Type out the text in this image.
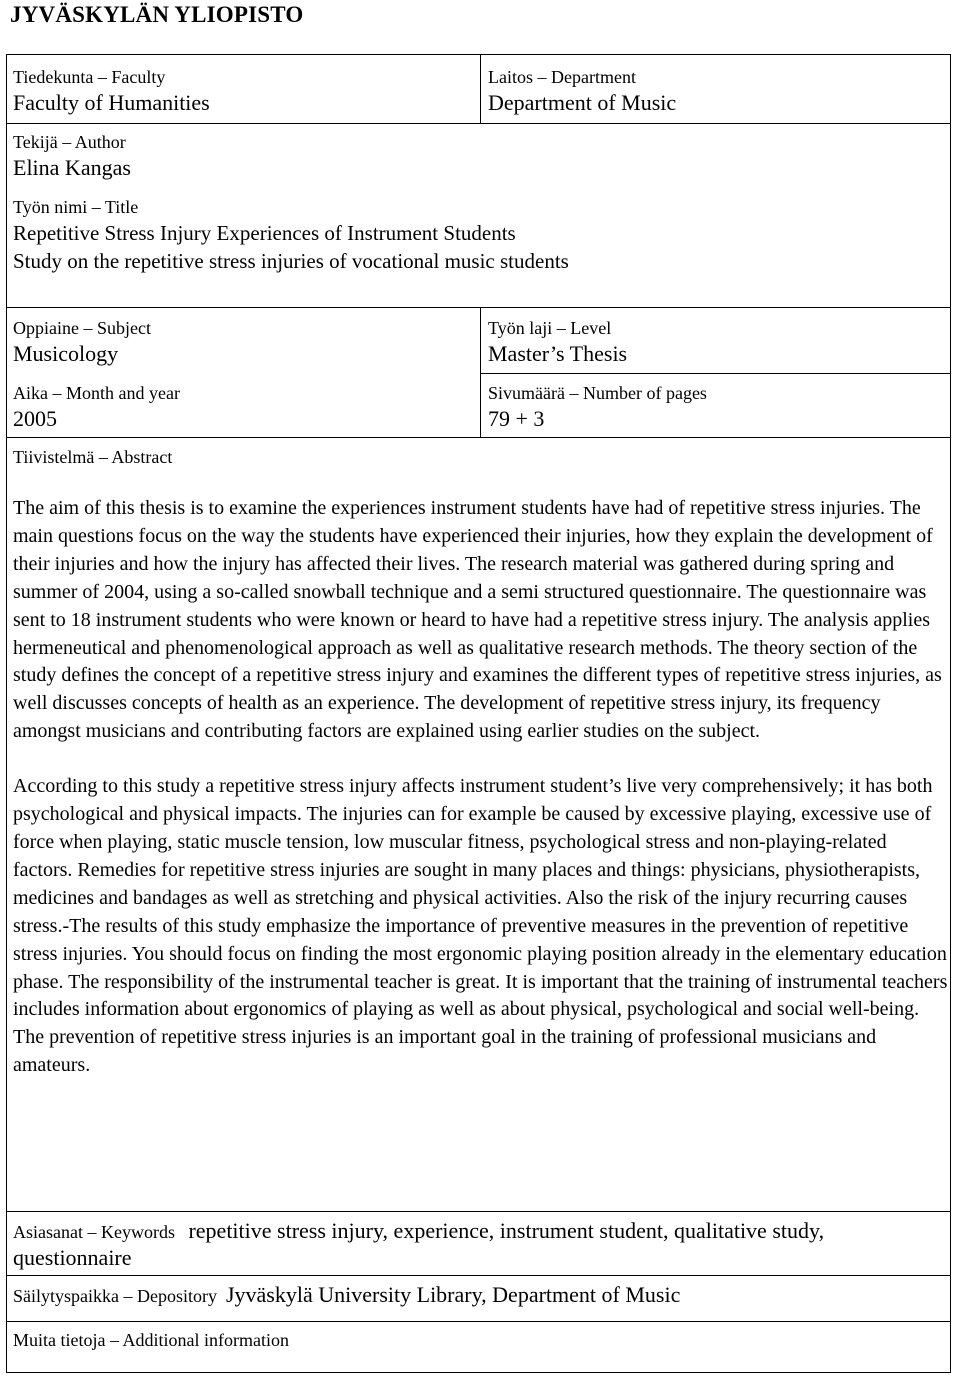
JYVÄSKYLÄN YLIOPISTO
Tiedekunta – Faculty
Faculty of Humanities
Laitos – Department
Department of Music
Tekijä – Author
Elina Kangas
Työn nimi – Title
Repetitive Stress Injury Experiences of Instrument Students
Study on the repetitive stress injuries of vocational music students
Oppiaine – Subject
Musicology
Työn laji – Level
Master’s Thesis
Aika – Month and year
2005
Sivumäärä – Number of pages
79 + 3
Tiivistelmä – Abstract

The aim of this thesis is to examine the experiences instrument students have had of repetitive stress injuries. The main questions focus on the way the students have experienced their injuries, how they explain the development of their injuries and how the injury has affected their lives. The research material was gathered during spring and summer of 2004, using a so-called snowball technique and a semi structured questionnaire. The questionnaire was sent to 18 instrument students who were known or heard to have had a repetitive stress injury. The analysis applies hermeneutical and phenomenological approach as well as qualitative research methods. The theory section of the study defines the concept of a repetitive stress injury and examines the different types of repetitive stress injuries, as well discusses concepts of health as an experience. The development of repetitive stress injury, its frequency amongst musicians and contributing factors are explained using earlier studies on the subject.

According to this study a repetitive stress injury affects instrument student’s live very comprehensively; it has both psychological and physical impacts. The injuries can for example be caused by excessive playing, excessive use of force when playing, static muscle tension, low muscular fitness, psychological stress and non-playing-related factors. Remedies for repetitive stress injuries are sought in many places and things: physicians, physiotherapists, medicines and bandages as well as stretching and physical activities. Also the risk of the injury recurring causes stress.-The results of this study emphasize the importance of preventive measures in the prevention of repetitive stress injuries. You should focus on finding the most ergonomic playing position already in the elementary education phase. The responsibility of the instrumental teacher is great. It is important that the training of instrumental teachers includes information about ergonomics of playing as well as about physical, psychological and social well-being. The prevention of repetitive stress injuries is an important goal in the training of professional musicians and amateurs.

Asiasanat – Keywords repetitive stress injury, experience, instrument student, qualitative study, questionnaire
Säilytyspaikka – Depository Jyväskylä University Library, Department of Music
Muita tietoja – Additional information
